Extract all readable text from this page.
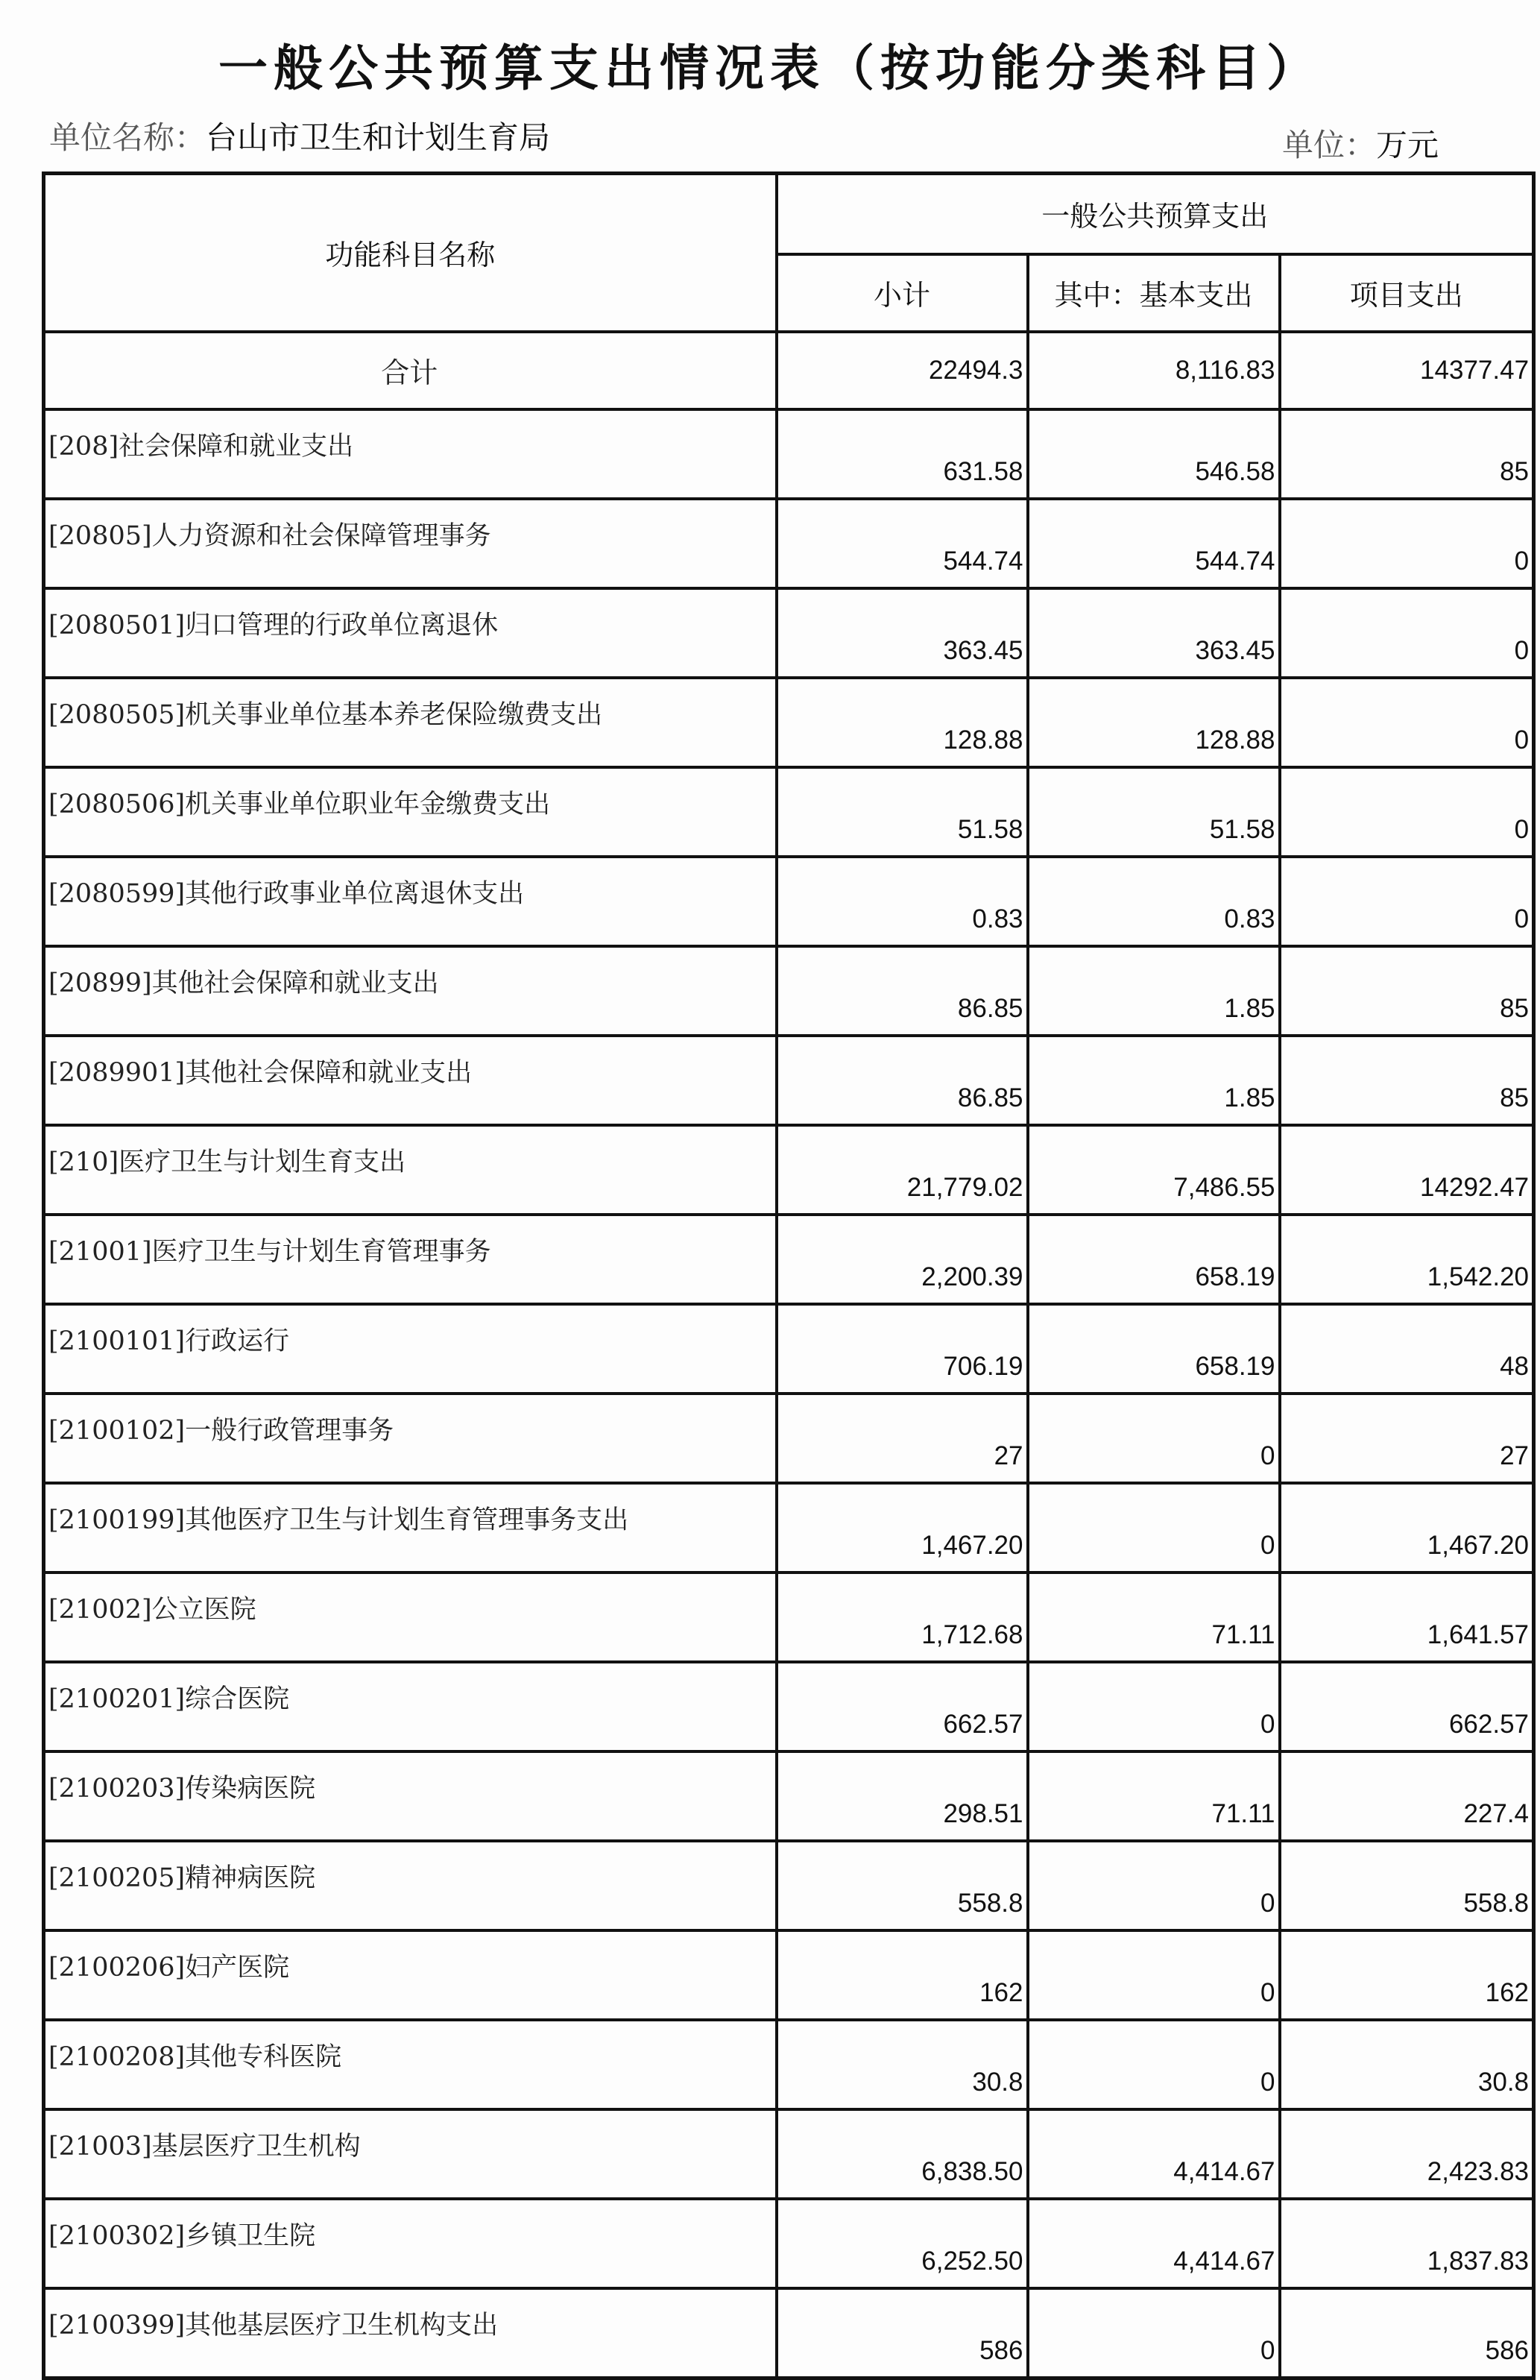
一般公共预算支出情况表（按功能分类科目）
单位名称：台山市卫生和计划生育局	单位：万元
功能科目名称	一般公共预算支出		
	小计	其中：基本支出	项目支出
合计	22494.3	8,116.83	14377.47
[208]社会保障和就业支出	631.58	546.58	85
[20805]人力资源和社会保障管理事务	544.74	544.74	0
[2080501]归口管理的行政单位离退休	363.45	363.45	0
[2080505]机关事业单位基本养老保险缴费支出	128.88	128.88	0
[2080506]机关事业单位职业年金缴费支出	51.58	51.58	0
[2080599]其他行政事业单位离退休支出	0.83	0.83	0
[20899]其他社会保障和就业支出	86.85	1.85	85
[2089901]其他社会保障和就业支出	86.85	1.85	85
[210]医疗卫生与计划生育支出	21,779.02	7,486.55	14292.47
[21001]医疗卫生与计划生育管理事务	2,200.39	658.19	1,542.20
[2100101]行政运行	706.19	658.19	48
[2100102]一般行政管理事务	27	0	27
[2100199]其他医疗卫生与计划生育管理事务支出	1,467.20	0	1,467.20
[21002]公立医院	1,712.68	71.11	1,641.57
[2100201]综合医院	662.57	0	662.57
[2100203]传染病医院	298.51	71.11	227.4
[2100205]精神病医院	558.8	0	558.8
[2100206]妇产医院	162	0	162
[2100208]其他专科医院	30.8	0	30.8
[21003]基层医疗卫生机构	6,838.50	4,414.67	2,423.83
[2100302]乡镇卫生院	6,252.50	4,414.67	1,837.83
[2100399]其他基层医疗卫生机构支出	586	0	586
